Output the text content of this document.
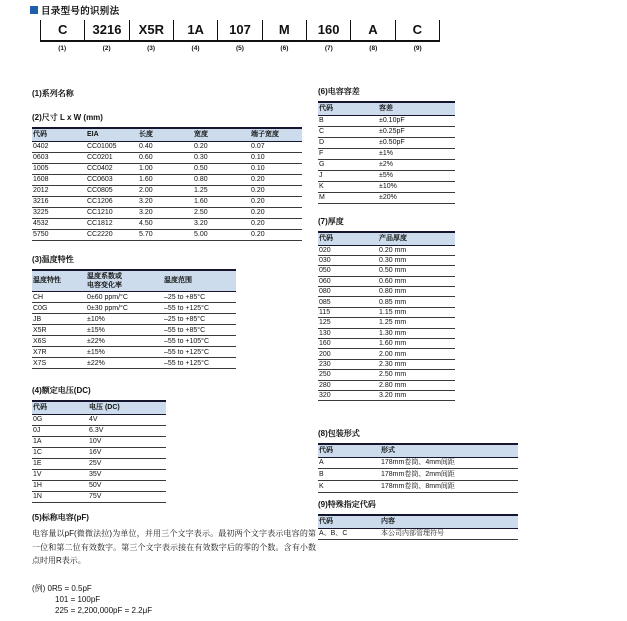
目录型号的识别法
C	3216	X5R	1A	107	M	160	A	C
(1)	(2)	(3)	(4)	(5)	(6)	(7)	(8)	(9)
(1)系列名称
(2)尺寸 L x W (mm)
代码	EIA	长度	宽度	端子宽度
0402	CC01005	0.40	0.20	0.07
0603	CC0201	0.60	0.30	0.10
1005	CC0402	1.00	0.50	0.10
1608	CC0603	1.60	0.80	0.20
2012	CC0805	2.00	1.25	0.20
3216	CC1206	3.20	1.60	0.20
3225	CC1210	3.20	2.50	0.20
4532	CC1812	4.50	3.20	0.20
5750	CC2220	5.70	5.00	0.20
(3)温度特性
温度特性	温度系数或
电容变化率	温度范围
CH	0±60 ppm/°C	–25 to +85°C
C0G	0±30 ppm/°C	–55 to +125°C
JB	±10%	–25 to +85°C
X5R	±15%	–55 to +85°C
X6S	±22%	–55 to +105°C
X7R	±15%	–55 to +125°C
X7S	±22%	–55 to +125°C
(4)额定电压(DC)
代码	电压 (DC)
0G	4V
0J	6.3V
1A	10V
1C	16V
1E	25V
1V	35V
1H	50V
1N	75V
(5)标称电容(pF)
电容量以pF(微微法拉)为单位，并用三个文字表示。最初两个文字表示电容的第一位和第二位有效数字。第三个文字表示接在有效数字后的零的个数。含有小数点时用R表示。
(例) 0R5 = 0.5pF
101 = 100pF
225 = 2,200,000pF = 2.2μF
(6)电容容差
代码	容差
B	±0.10pF
C	±0.25pF
D	±0.50pF
F	±1%
G	±2%
J	±5%
K	±10%
M	±20%
(7)厚度
代码	产品厚度
020	0.20 mm
030	0.30 mm
050	0.50 mm
060	0.60 mm
080	0.80 mm
085	0.85 mm
115	1.15 mm
125	1.25 mm
130	1.30 mm
160	1.60 mm
200	2.00 mm
230	2.30 mm
250	2.50 mm
280	2.80 mm
320	3.20 mm
(8)包装形式
代码	形式
A	178mm卷筒、4mm间距
B	178mm卷筒、2mm间距
K	178mm卷筒、8mm间距
(9)特殊指定代码
代码	内容
A、B、C	本公司内部管理符号
